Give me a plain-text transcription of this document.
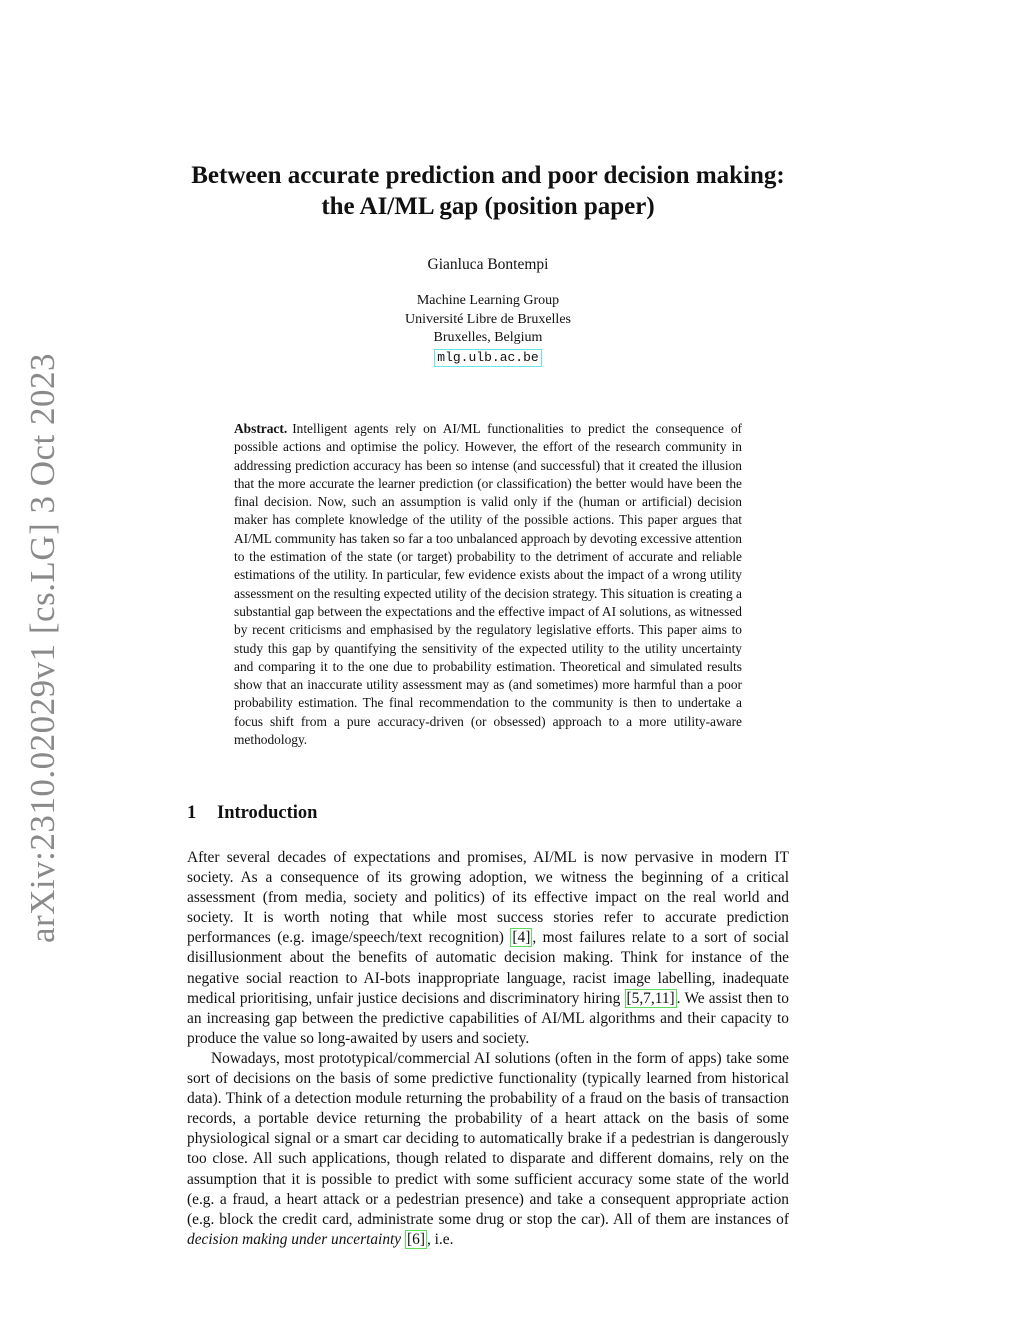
arXiv:2310.02029v1 [cs.LG] 3 Oct 2023
Between accurate prediction and poor decision making:
the AI/ML gap (position paper)
Gianluca Bontempi
Machine Learning Group
Université Libre de Bruxelles
Bruxelles, Belgium
mlg.ulb.ac.be
Abstract. Intelligent agents rely on AI/ML functionalities to predict the consequence of possible actions and optimise the policy. However, the effort of the research community in addressing prediction accuracy has been so intense (and successful) that it created the illusion that the more accurate the learner prediction (or classification) the better would have been the final decision. Now, such an assumption is valid only if the (human or artificial) decision maker has complete knowledge of the utility of the possible actions. This paper argues that AI/ML community has taken so far a too unbalanced approach by devoting excessive attention to the estimation of the state (or target) probability to the detriment of accurate and reliable estimations of the utility. In particular, few evidence exists about the impact of a wrong utility assessment on the resulting expected utility of the decision strategy. This situation is creating a substantial gap between the expectations and the effective impact of AI solutions, as witnessed by recent criticisms and emphasised by the regulatory legislative efforts. This paper aims to study this gap by quantifying the sensitivity of the expected utility to the utility uncertainty and comparing it to the one due to probability estimation. Theoretical and simulated results show that an inaccurate utility assessment may as (and sometimes) more harmful than a poor probability estimation. The final recommendation to the community is then to undertake a focus shift from a pure accuracy-driven (or obsessed) approach to a more utility-aware methodology.
1 Introduction

After several decades of expectations and promises, AI/ML is now pervasive in modern IT society. As a consequence of its growing adoption, we witness the beginning of a critical assessment (from media, society and politics) of its effective impact on the real world and society. It is worth noting that while most success stories refer to accurate prediction performances (e.g. image/speech/text recognition) [4] , most failures relate to a sort of social disillusionment about the benefits of automatic decision making. Think for instance of the negative social reaction to AI-bots inappropriate language, racist image labelling, inadequate medical prioritising, unfair justice decisions and discriminatory hiring [5,7,11] . We assist then to an increasing gap between the predictive capabilities of AI/ML algorithms and their capacity to produce the value so long-awaited by users and society.

Nowadays, most prototypical/commercial AI solutions (often in the form of apps) take some sort of decisions on the basis of some predictive functionality (typically learned from historical data). Think of a detection module returning the probability of a fraud on the basis of transaction records, a portable device returning the probability of a heart attack on the basis of some physiological signal or a smart car deciding to automatically brake if a pedestrian is dangerously too close. All such applications, though related to disparate and different domains, rely on the assumption that it is possible to predict with some sufficient accuracy some state of the world (e.g. a fraud, a heart attack or a pedestrian presence) and take a consequent appropriate action (e.g. block the credit card, administrate some drug or stop the car). All of them are instances of decision making under uncertainty [6] , i.e.
